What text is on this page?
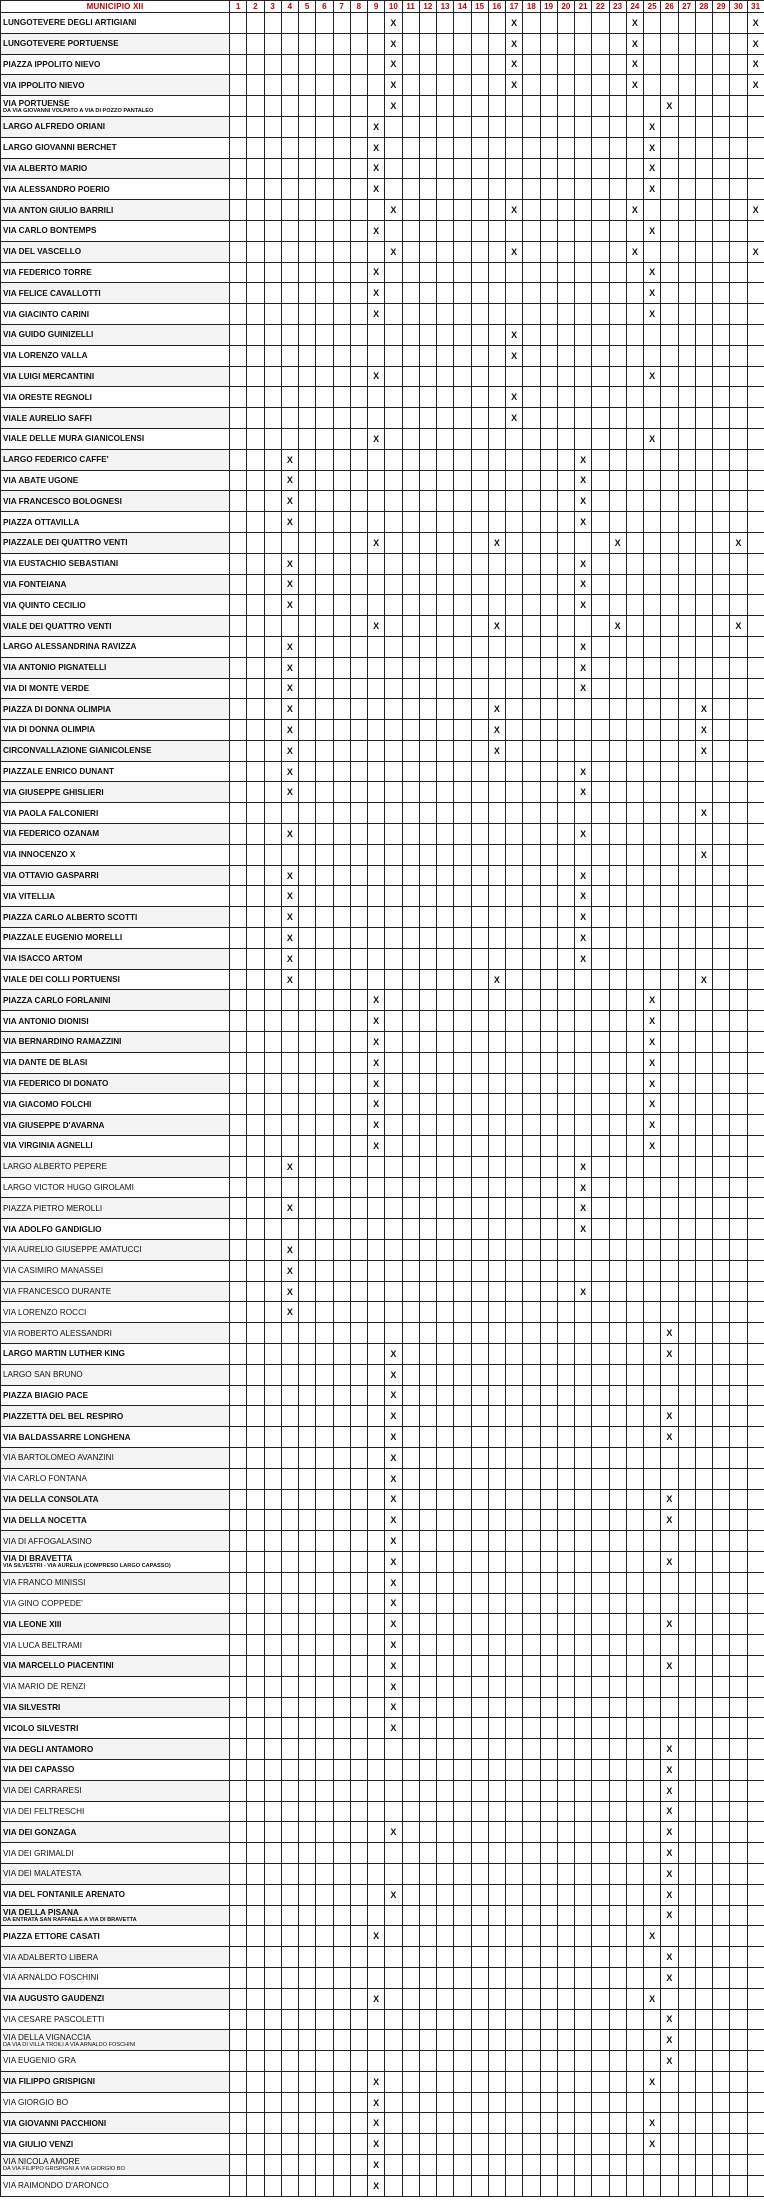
MUNICIPIO XII	1	2	3	4	5	6	7	8	9	10	11	12	13	14	15	16	17	18	19	20	21	22	23	24	25	26	27	28	29	30	31
LUNGOTEVERE DEGLI ARTIGIANI										X							X							X							X
LUNGOTEVERE PORTUENSE										X							X							X							X
PIAZZA IPPOLITO NIEVO										X							X							X							X
VIA IPPOLITO NIEVO										X							X							X							X
VIA PORTUENSE
DA VIA GIOVANNI VOLPATO A VIA DI POZZO PANTALEO										X																X					
LARGO ALFREDO ORIANI									X																X						
LARGO GIOVANNI BERCHET									X																X						
VIA ALBERTO MARIO									X																X						
VIA ALESSANDRO POERIO									X																X						
VIA ANTON GIULIO BARRILI										X							X							X							X
VIA CARLO BONTEMPS									X																X						
VIA DEL VASCELLO										X							X							X							X
VIA FEDERICO TORRE									X																X						
VIA FELICE CAVALLOTTI									X																X						
VIA GIACINTO CARINI									X																X						
VIA GUIDO GUINIZELLI																	X														
VIA LORENZO VALLA																	X														
VIA LUIGI MERCANTINI									X																X						
VIA ORESTE REGNOLI																	X														
VIALE AURELIO SAFFI																	X														
VIALE DELLE MURA GIANICOLENSI									X																X						
LARGO FEDERICO CAFFE'				X																	X										
VIA ABATE UGONE				X																	X										
VIA FRANCESCO BOLOGNESI				X																	X										
PIAZZA OTTAVILLA				X																	X										
PIAZZALE DEI QUATTRO VENTI									X							X							X							X	
VIA EUSTACHIO SEBASTIANI				X																	X										
VIA FONTEIANA				X																	X										
VIA QUINTO CECILIO				X																	X										
VIALE DEI QUATTRO VENTI									X							X							X							X	
LARGO ALESSANDRINA RAVIZZA				X																	X										
VIA ANTONIO PIGNATELLI				X																	X										
VIA DI MONTE VERDE				X																	X										
PIAZZA DI DONNA OLIMPIA				X												X												X			
VIA DI DONNA OLIMPIA				X												X												X			
CIRCONVALLAZIONE GIANICOLENSE				X												X												X			
PIAZZALE ENRICO DUNANT				X																	X										
VIA GIUSEPPE GHISLIERI				X																	X										
VIA PAOLA FALCONIERI																												X			
VIA FEDERICO OZANAM				X																	X										
VIA INNOCENZO X																												X			
VIA OTTAVIO GASPARRI				X																	X										
VIA VITELLIA				X																	X										
PIAZZA CARLO ALBERTO SCOTTI				X																	X										
PIAZZALE EUGENIO MORELLI				X																	X										
VIA ISACCO ARTOM				X																	X										
VIALE DEI COLLI PORTUENSI				X												X												X			
PIAZZA CARLO FORLANINI									X																X						
VIA ANTONIO DIONISI									X																X						
VIA BERNARDINO RAMAZZINI									X																X						
VIA DANTE DE BLASI									X																X						
VIA FEDERICO DI DONATO									X																X						
VIA GIACOMO FOLCHI									X																X						
VIA GIUSEPPE D'AVARNA									X																X						
VIA VIRGINIA AGNELLI									X																X						
LARGO ALBERTO PEPERE				X																	X										
LARGO VICTOR HUGO GIROLAMI																					X										
PIAZZA PIETRO MEROLLI				X																	X										
VIA ADOLFO GANDIGLIO																					X										
VIA AURELIO GIUSEPPE AMATUCCI				X																											
VIA CASIMIRO MANASSEI				X																											
VIA FRANCESCO DURANTE				X																	X										
VIA LORENZO ROCCI				X																											
VIA ROBERTO ALESSANDRI																										X					
LARGO MARTIN LUTHER KING										X																X					
LARGO SAN BRUNO										X																					
PIAZZA BIAGIO PACE										X																					
PIAZZETTA DEL BEL RESPIRO										X																X					
VIA BALDASSARRE LONGHENA										X																X					
VIA BARTOLOMEO AVANZINI										X																					
VIA CARLO FONTANA										X																					
VIA DELLA CONSOLATA										X																X					
VIA DELLA NOCETTA										X																X					
VIA DI AFFOGALASINO										X																					
VIA DI BRAVETTA
VIA SILVESTRI - VIA AURELIA (COMPRESO LARGO CAPASSO)										X																X					
VIA FRANCO MINISSI										X																					
VIA GINO COPPEDE'										X																					
VIA LEONE XIII										X																X					
VIA LUCA BELTRAMI										X																					
VIA MARCELLO PIACENTINI										X																X					
VIA MARIO DE RENZI										X																					
VIA SILVESTRI										X																					
VICOLO SILVESTRI										X																					
VIA DEGLI ANTAMORO																										X					
VIA DEI CAPASSO																										X					
VIA DEI CARRARESI																										X					
VIA DEI FELTRESCHI																										X					
VIA DEI GONZAGA										X																X					
VIA DEI GRIMALDI																										X					
VIA DEI MALATESTA																										X					
VIA DEL FONTANILE ARENATO										X																X					
VIA DELLA PISANA
DA ENTRATA SAN RAFFAELE A VIA DI BRAVETTA																										X					
PIAZZA ETTORE CASATI									X																X						
VIA ADALBERTO LIBERA																										X					
VIA ARNALDO FOSCHINI																										X					
VIA AUGUSTO GAUDENZI									X																X						
VIA CESARE PASCOLETTI																										X					
VIA DELLA VIGNACCIA
DA VIA DI VILLA TROILI A VIA ARNALDO FOSCHINI																										X					
VIA EUGENIO GRA																										X					
VIA FILIPPO GRISPIGNI									X																X						
VIA GIORGIO BO									X																						
VIA GIOVANNI PACCHIONI									X																X						
VIA GIULIO VENZI									X																X						
VIA NICOLA AMORE
DA VIA FILIPPO GRISPIGNI A VIA GIORGIO BO									X																						
VIA RAIMONDO D'ARONCO									X																						
